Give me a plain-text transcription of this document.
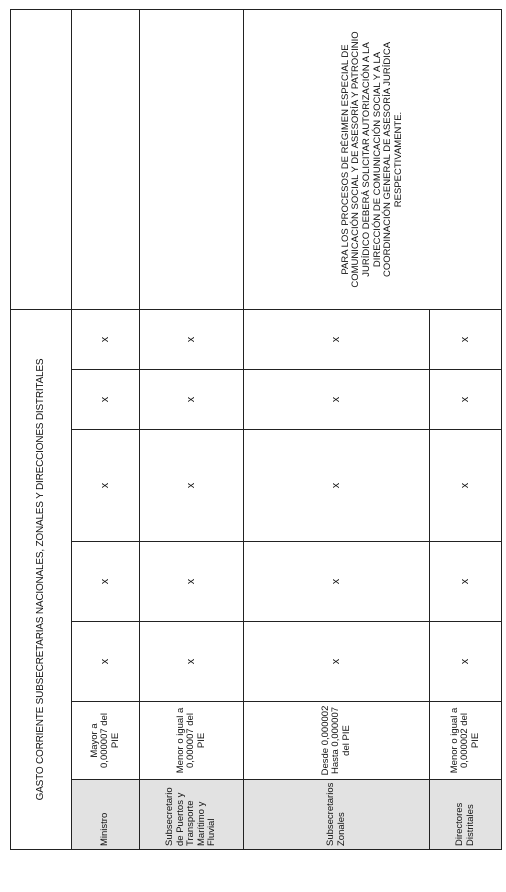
GASTO CORRIENTE SUBSECRETARIAS NACIONALES, ZONALES Y DIRECCIONES DISTRITALES							
Ministro	Mayor a 0,000007 del PIE	x	x	x	x	x	
Subsecretario de Puertos y Transporte Marítimo y Fluvial	Menor o igual a 0,000007 del PIE	x	x	x	x	x	
Subsecretarios Zonales	Desde 0,000002 Hasta 0,000007 del PIE	x	x	x	x	x	PARA LOS PROCESOS DE RÉGIMEN ESPECIAL DE COMUNICACIÓN SOCIAL Y DE ASESORÍA Y PATROCINIO JURÍDICO DEBERÁ SOLICITAR AUTORIZACIÓN A LA DIRECCIÓN DE COMUNICACIÓN SOCIAL Y A LA COORDINACIÓN GENERAL DE ASESORÍA JURÍDICA RESPECTIVAMENTE.
Directores Distritales	Menor o igual a 0,000002 del PIE	x	x	x	x	x	
